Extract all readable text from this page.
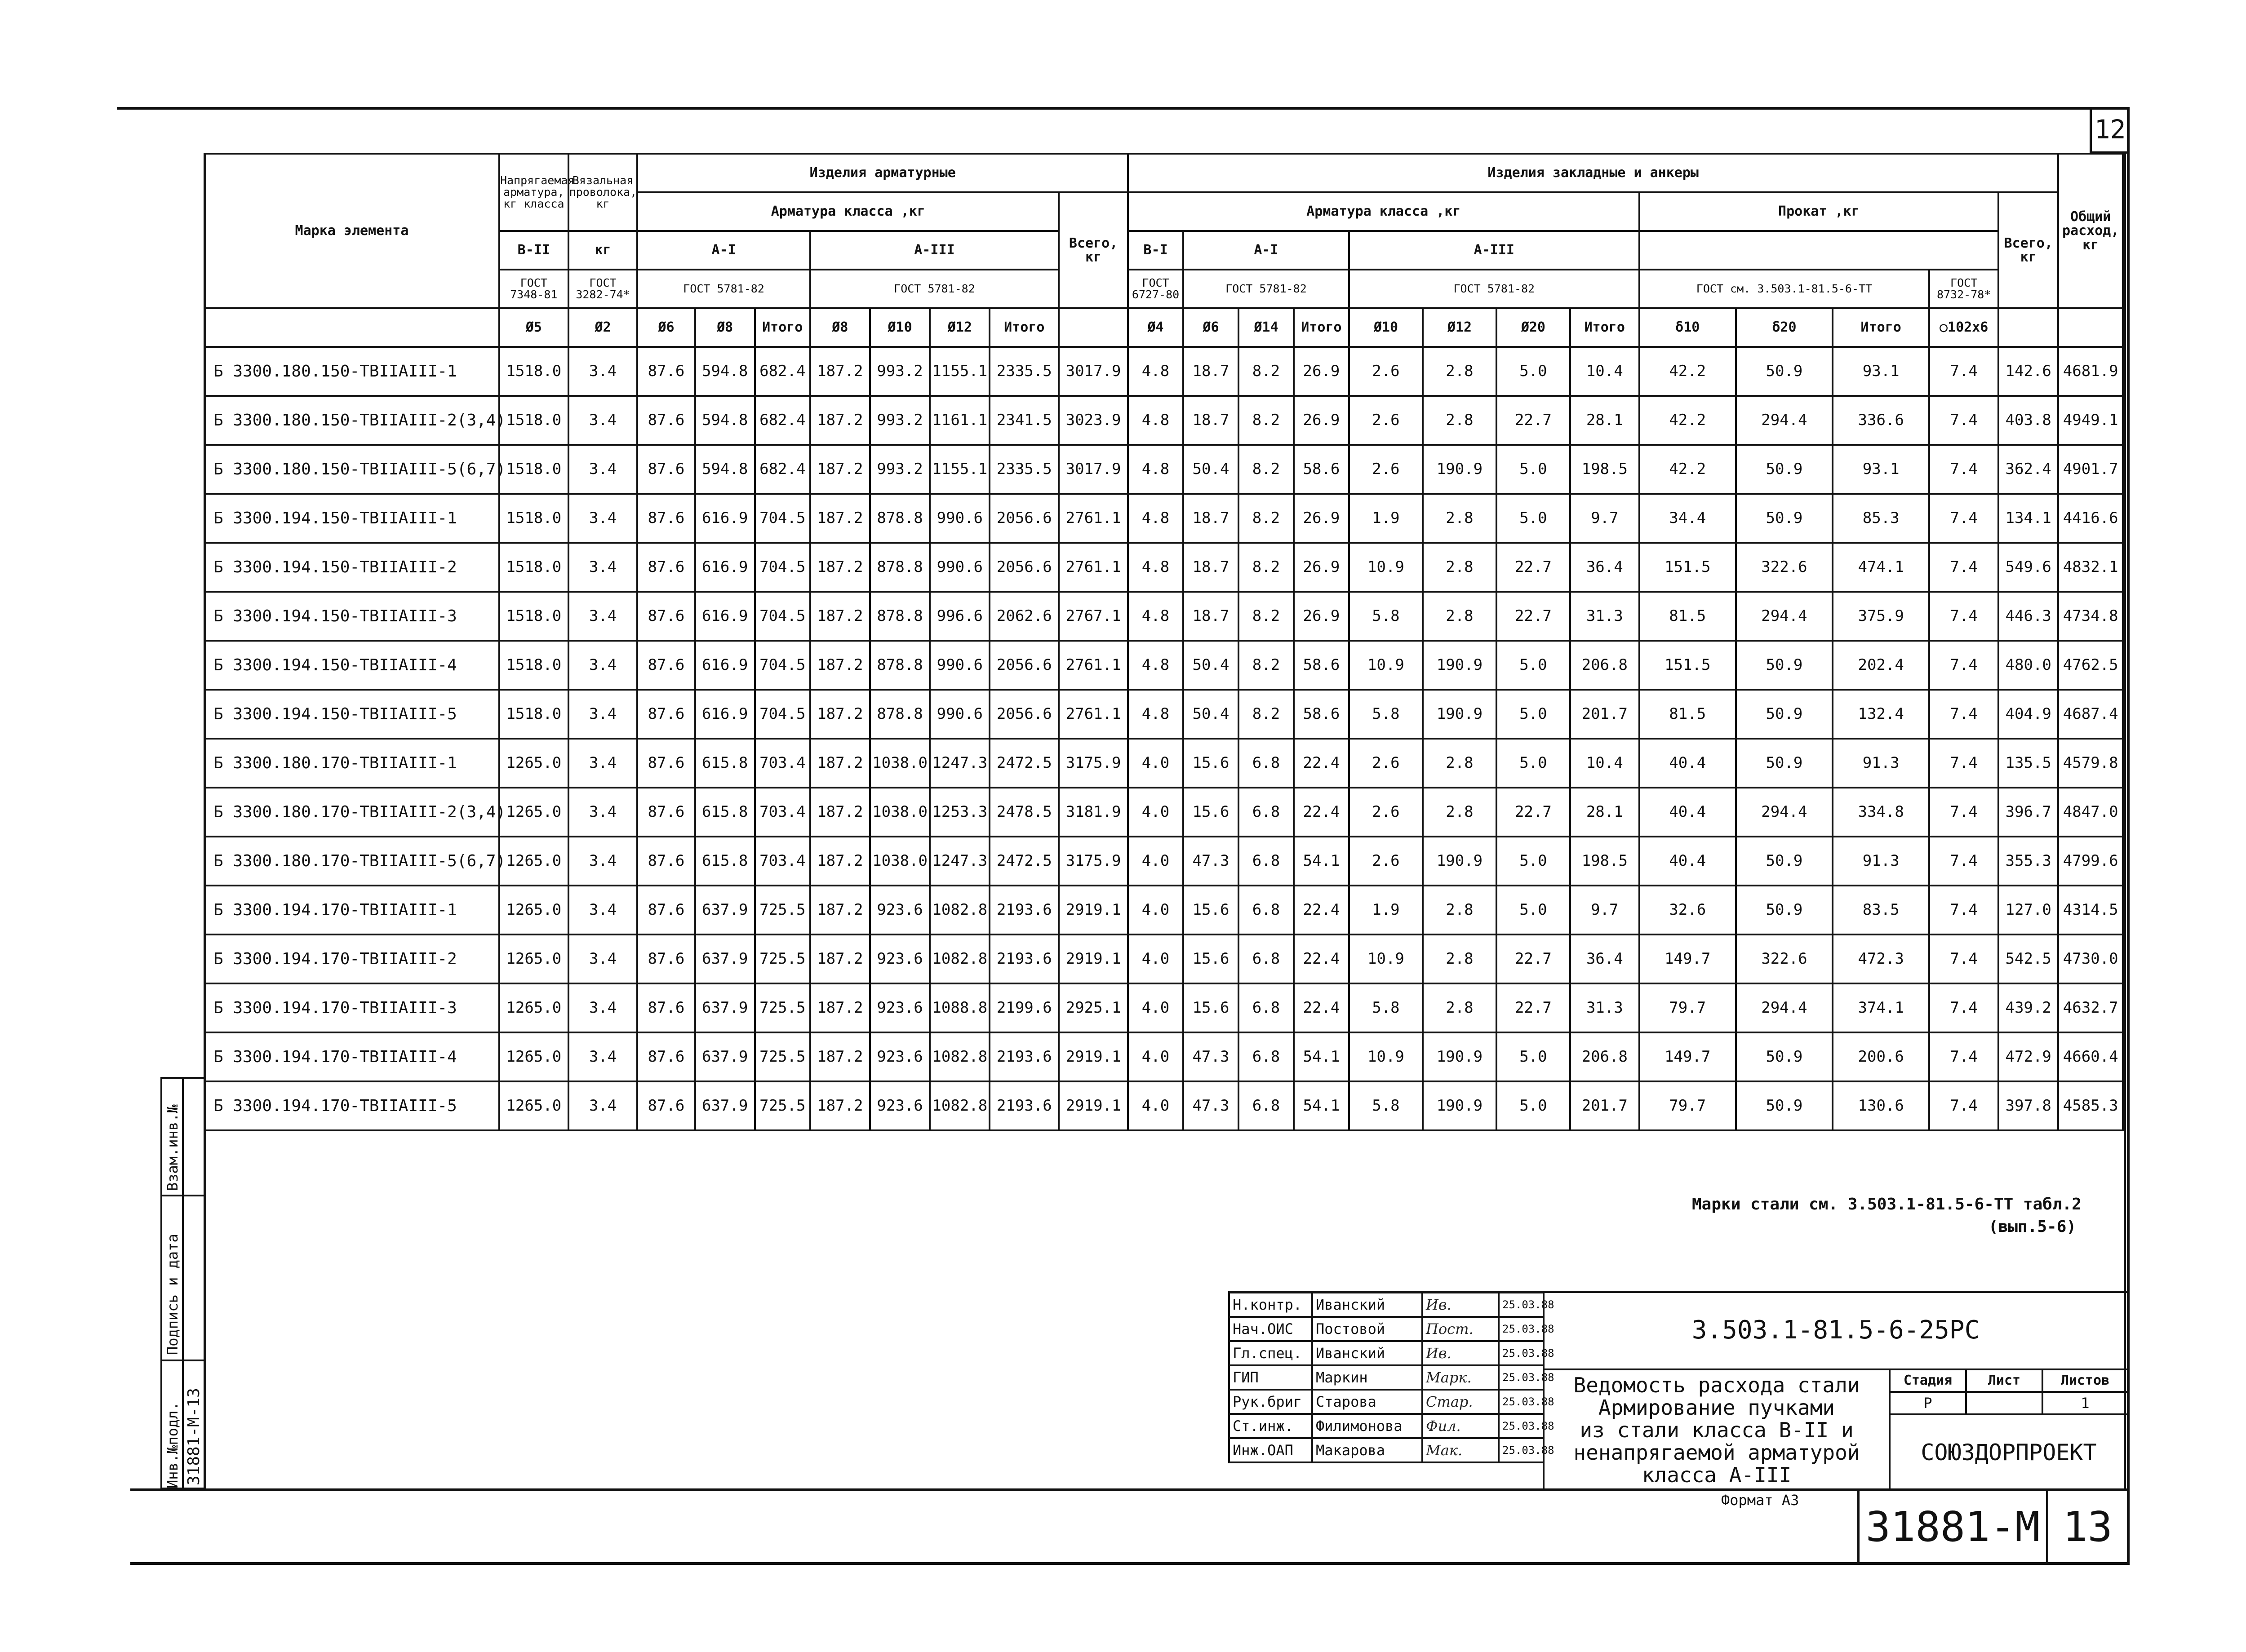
12
Марка элемента	Напрягаемая арматура, кг класса	Вязальная проволока, кг	Изделия арматурные								Изделия закладные и анкеры													Общий расход, кг
			Арматура класса ,кг							Всего, кг	Арматура класса ,кг								Прокат ,кг				Всего, кг	
	В-II	кг	А-I			А-III					В-I	А-I			А-III									
	ГОСТ 7348-81	ГОСТ 3282-74*	ГОСТ 5781-82			ГОСТ 5781-82					ГОСТ 6727-80	ГОСТ 5781-82			ГОСТ 5781-82				ГОСТ см. 3.503.1-81.5-6-ТТ			ГОСТ 8732-78*		
	Ø5	Ø2	Ø6	Ø8	Итого	Ø8	Ø10	Ø12	Итого		Ø4	Ø6	Ø14	Итого	Ø10	Ø12	Ø20	Итого	δ10	δ20	Итого	○102х6		
Б 3300.180.150-ТВIIАIII-1	1518.0	3.4	87.6	594.8	682.4	187.2	993.2	1155.1	2335.5	3017.9	4.8	18.7	8.2	26.9	2.6	2.8	5.0	10.4	42.2	50.9	93.1	7.4	142.6	4681.9
Б 3300.180.150-ТВIIАIII-2(3,4)	1518.0	3.4	87.6	594.8	682.4	187.2	993.2	1161.1	2341.5	3023.9	4.8	18.7	8.2	26.9	2.6	2.8	22.7	28.1	42.2	294.4	336.6	7.4	403.8	4949.1
Б 3300.180.150-ТВIIАIII-5(6,7)	1518.0	3.4	87.6	594.8	682.4	187.2	993.2	1155.1	2335.5	3017.9	4.8	50.4	8.2	58.6	2.6	190.9	5.0	198.5	42.2	50.9	93.1	7.4	362.4	4901.7
Б 3300.194.150-ТВIIАIII-1	1518.0	3.4	87.6	616.9	704.5	187.2	878.8	990.6	2056.6	2761.1	4.8	18.7	8.2	26.9	1.9	2.8	5.0	9.7	34.4	50.9	85.3	7.4	134.1	4416.6
Б 3300.194.150-ТВIIАIII-2	1518.0	3.4	87.6	616.9	704.5	187.2	878.8	990.6	2056.6	2761.1	4.8	18.7	8.2	26.9	10.9	2.8	22.7	36.4	151.5	322.6	474.1	7.4	549.6	4832.1
Б 3300.194.150-ТВIIАIII-3	1518.0	3.4	87.6	616.9	704.5	187.2	878.8	996.6	2062.6	2767.1	4.8	18.7	8.2	26.9	5.8	2.8	22.7	31.3	81.5	294.4	375.9	7.4	446.3	4734.8
Б 3300.194.150-ТВIIАIII-4	1518.0	3.4	87.6	616.9	704.5	187.2	878.8	990.6	2056.6	2761.1	4.8	50.4	8.2	58.6	10.9	190.9	5.0	206.8	151.5	50.9	202.4	7.4	480.0	4762.5
Б 3300.194.150-ТВIIАIII-5	1518.0	3.4	87.6	616.9	704.5	187.2	878.8	990.6	2056.6	2761.1	4.8	50.4	8.2	58.6	5.8	190.9	5.0	201.7	81.5	50.9	132.4	7.4	404.9	4687.4
Б 3300.180.170-ТВIIАIII-1	1265.0	3.4	87.6	615.8	703.4	187.2	1038.0	1247.3	2472.5	3175.9	4.0	15.6	6.8	22.4	2.6	2.8	5.0	10.4	40.4	50.9	91.3	7.4	135.5	4579.8
Б 3300.180.170-ТВIIАIII-2(3,4)	1265.0	3.4	87.6	615.8	703.4	187.2	1038.0	1253.3	2478.5	3181.9	4.0	15.6	6.8	22.4	2.6	2.8	22.7	28.1	40.4	294.4	334.8	7.4	396.7	4847.0
Б 3300.180.170-ТВIIАIII-5(6,7)	1265.0	3.4	87.6	615.8	703.4	187.2	1038.0	1247.3	2472.5	3175.9	4.0	47.3	6.8	54.1	2.6	190.9	5.0	198.5	40.4	50.9	91.3	7.4	355.3	4799.6
Б 3300.194.170-ТВIIАIII-1	1265.0	3.4	87.6	637.9	725.5	187.2	923.6	1082.8	2193.6	2919.1	4.0	15.6	6.8	22.4	1.9	2.8	5.0	9.7	32.6	50.9	83.5	7.4	127.0	4314.5
Б 3300.194.170-ТВIIАIII-2	1265.0	3.4	87.6	637.9	725.5	187.2	923.6	1082.8	2193.6	2919.1	4.0	15.6	6.8	22.4	10.9	2.8	22.7	36.4	149.7	322.6	472.3	7.4	542.5	4730.0
Б 3300.194.170-ТВIIАIII-3	1265.0	3.4	87.6	637.9	725.5	187.2	923.6	1088.8	2199.6	2925.1	4.0	15.6	6.8	22.4	5.8	2.8	22.7	31.3	79.7	294.4	374.1	7.4	439.2	4632.7
Б 3300.194.170-ТВIIАIII-4	1265.0	3.4	87.6	637.9	725.5	187.2	923.6	1082.8	2193.6	2919.1	4.0	47.3	6.8	54.1	10.9	190.9	5.0	206.8	149.7	50.9	200.6	7.4	472.9	4660.4
Б 3300.194.170-ТВIIАIII-5	1265.0	3.4	87.6	637.9	725.5	187.2	923.6	1082.8	2193.6	2919.1	4.0	47.3	6.8	54.1	5.8	190.9	5.0	201.7	79.7	50.9	130.6	7.4	397.8	4585.3
Взам.инв.№
Подпись и дата
Инв.№подл. 31881-М-13
Марки стали см. 3.503.1-81.5-6-ТТ табл.2
(вып.5-6)
Н.контр.	Иванский	Ив.	25.03.88
Нач.ОИС	Постовой	Пост.	25.03.88
Гл.спец.	Иванский	Ив.	25.03.88
ГИП	Маркин	Марк.	25.03.88
Рук.бриг	Старова	Стар.	25.03.88
Ст.инж.	Филимонова	Фил.	25.03.88
Инж.ОАП	Макарова	Мак.	25.03.88
3.503.1-81.5-6-25РС
Ведомость расхода стали
Армирование пучками
из стали класса В-II и
ненапрягаемой арматурой
класса А-III
Стадия	Лист	Листов
Р	1
СОЮЗДОРПРОЕКТ
Формат А3
31881-М 13
